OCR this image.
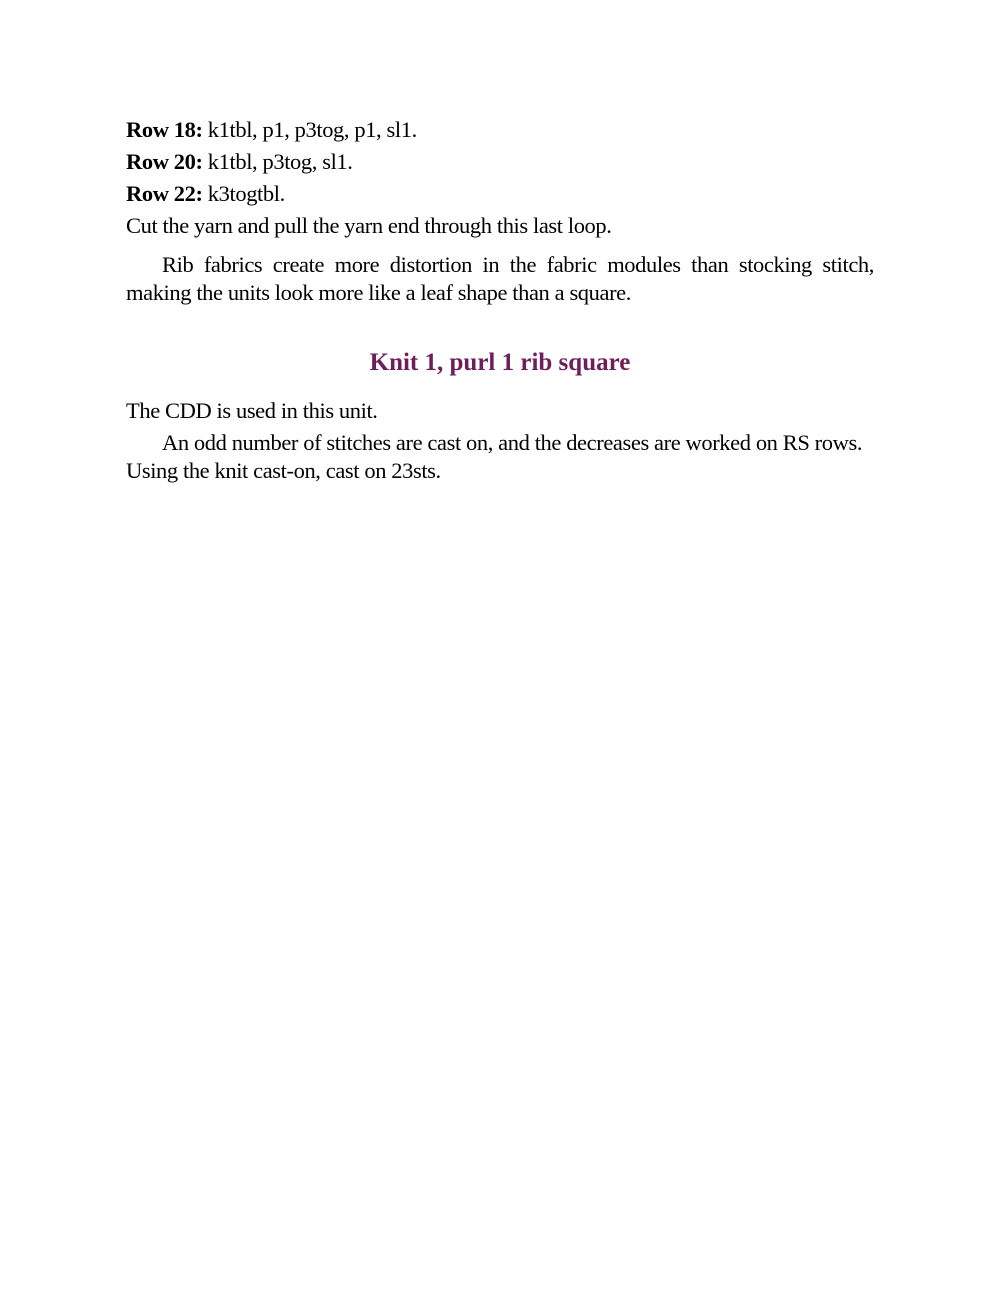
Row 18: k1tbl, p1, p3tog, p1, sl1.

Row 20: k1tbl, p3tog, sl1.

Row 22: k3togtbl.

Cut the yarn and pull the yarn end through this last loop.

Rib fabrics create more distortion in the fabric modules than stocking stitch, making the units look more like a leaf shape than a square.

Knit 1, purl 1 rib square

The CDD is used in this unit.

An odd number of stitches are cast on, and the decreases are worked on RS rows.

Using the knit cast-on, cast on 23sts.
